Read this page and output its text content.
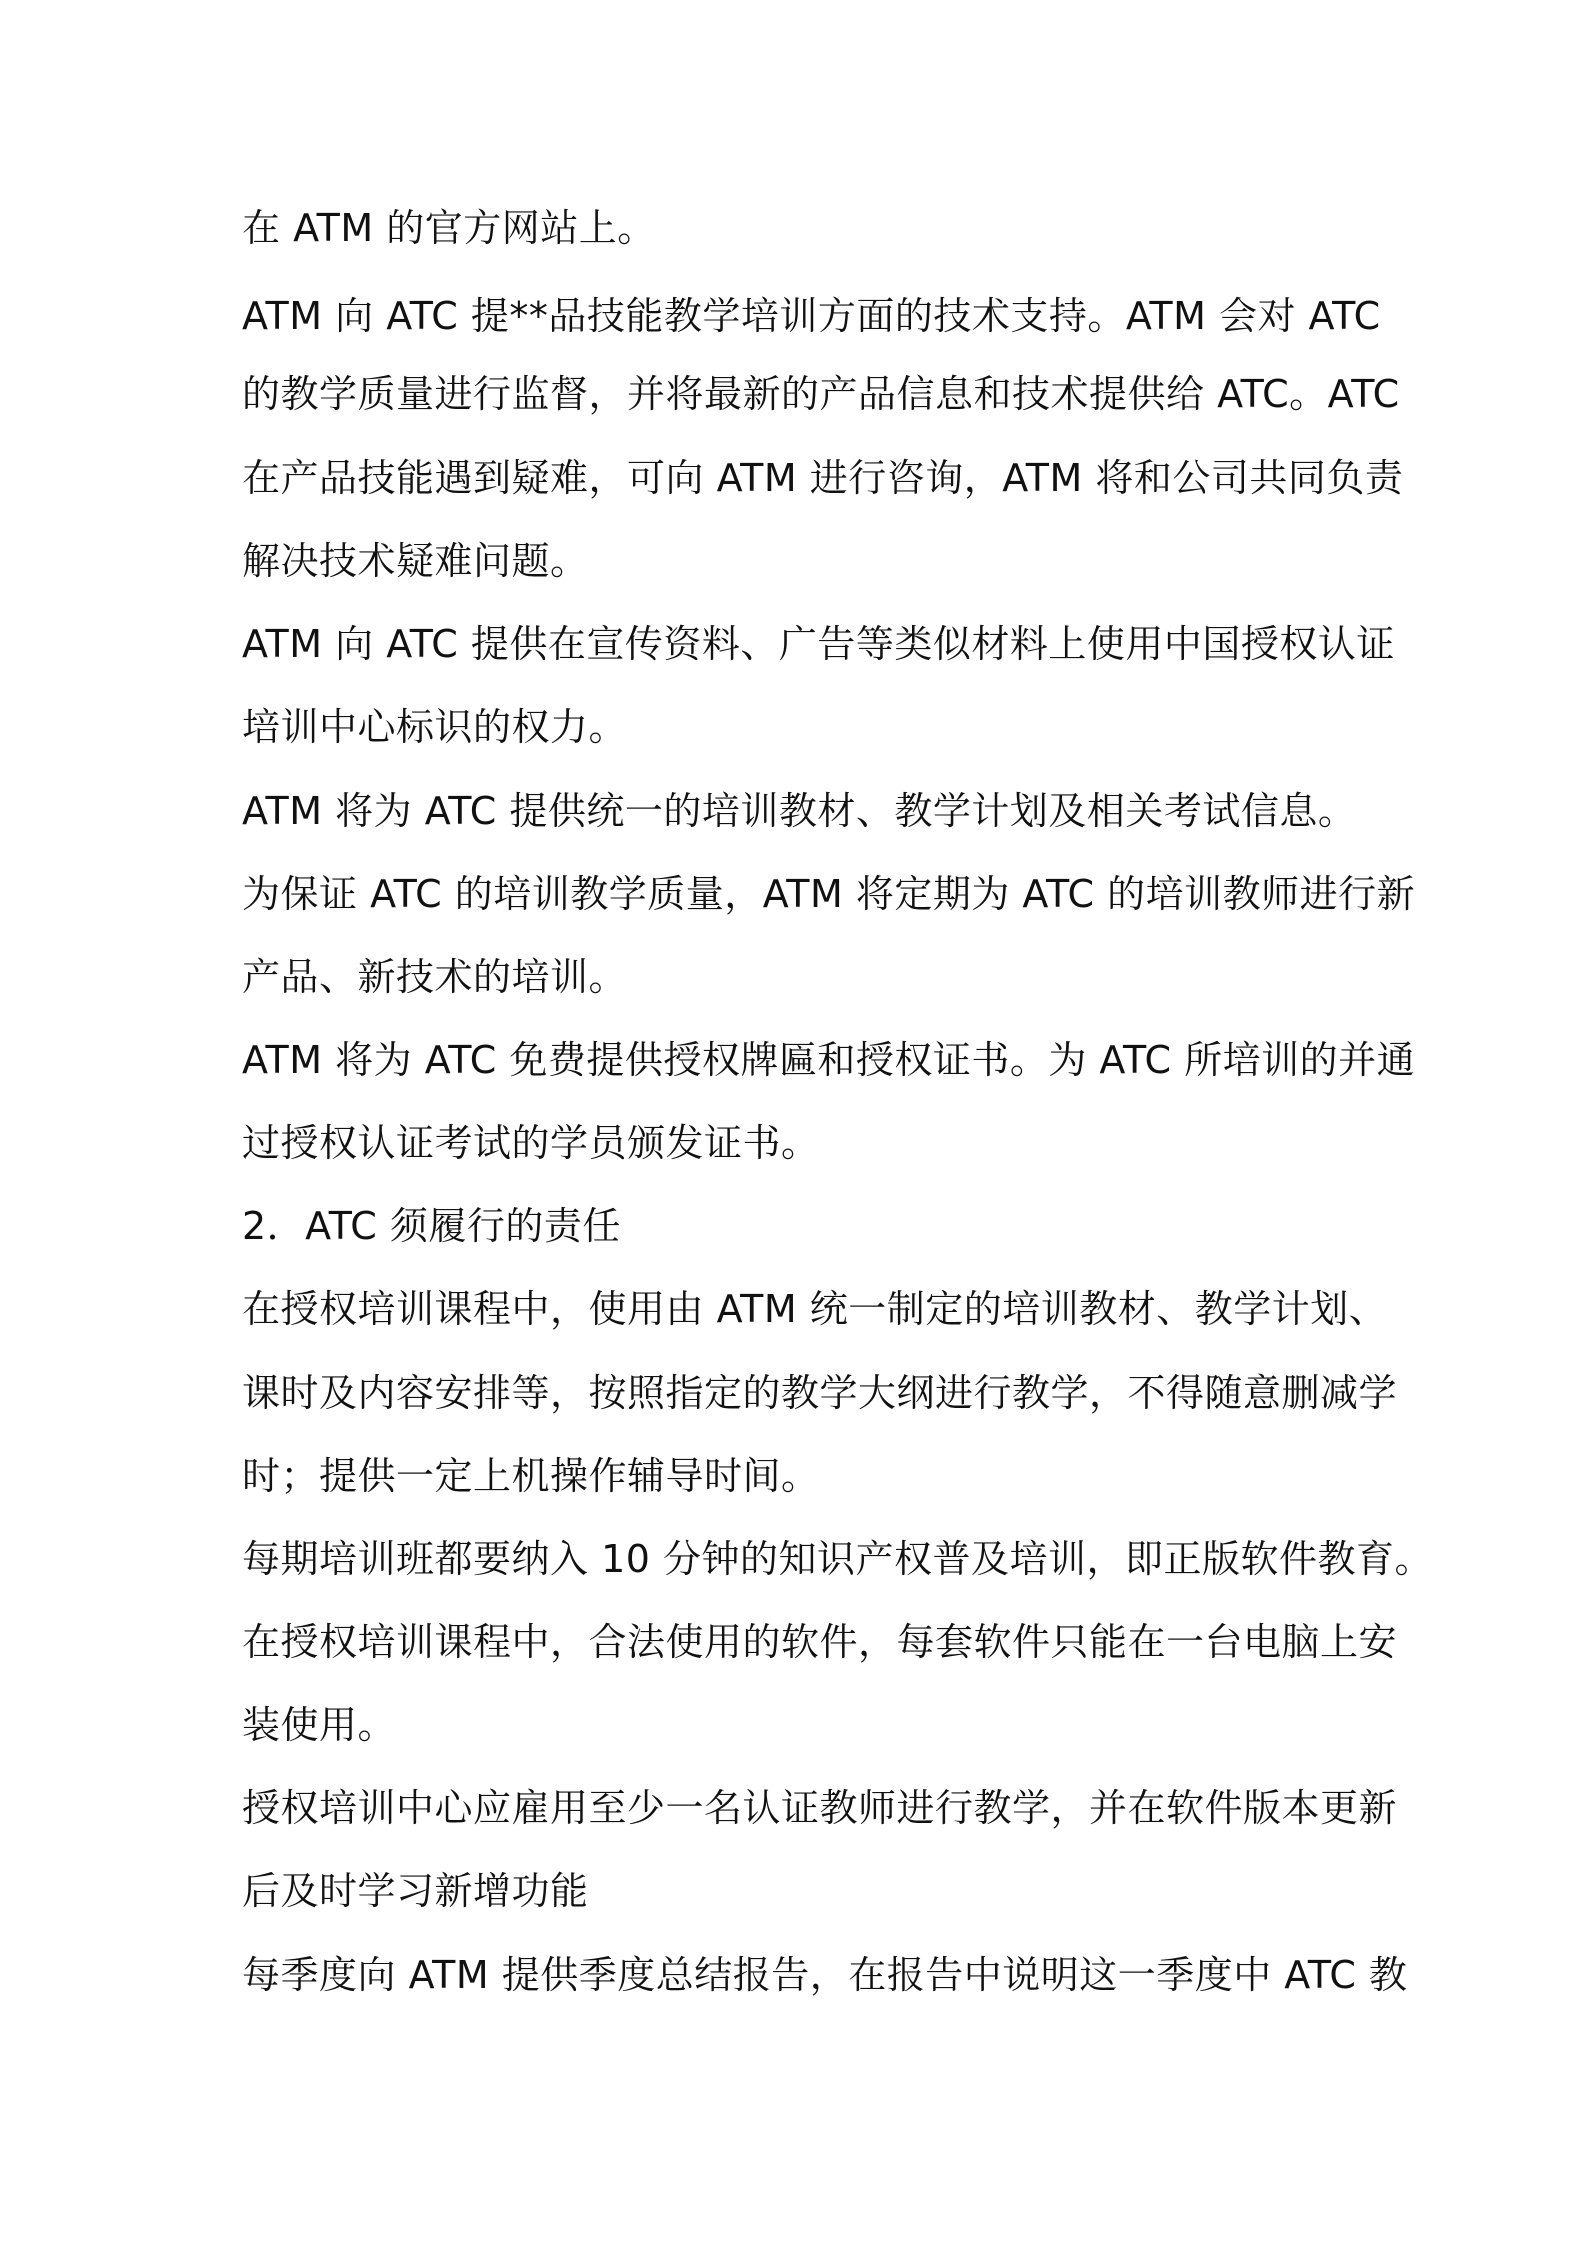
在 ATM 的官方网站上。

ATM 向 ATC 提**品技能教学培训方面的技术支持。ATM 会对 ATC

的教学质量进行监督，并将最新的产品信息和技术提供给 ATC。ATC

在产品技能遇到疑难，可向 ATM 进行咨询，ATM 将和公司共同负责

解决技术疑难问题。

ATM 向 ATC 提供在宣传资料、广告等类似材料上使用中国授权认证

培训中心标识的权力。

ATM 将为 ATC 提供统一的培训教材、教学计划及相关考试信息。

为保证 ATC 的培训教学质量，ATM 将定期为 ATC 的培训教师进行新

产品、新技术的培训。

ATM 将为 ATC 免费提供授权牌匾和授权证书。为 ATC 所培训的并通

过授权认证考试的学员颁发证书。

2．ATC 须履行的责任

在授权培训课程中，使用由 ATM 统一制定的培训教材、教学计划、

课时及内容安排等，按照指定的教学大纲进行教学，不得随意删减学

时；提供一定上机操作辅导时间。

每期培训班都要纳入 10 分钟的知识产权普及培训，即正版软件教育。

在授权培训课程中，合法使用的软件，每套软件只能在一台电脑上安

装使用。

授权培训中心应雇用至少一名认证教师进行教学，并在软件版本更新

后及时学习新增功能

每季度向 ATM 提供季度总结报告，在报告中说明这一季度中 ATC 教
